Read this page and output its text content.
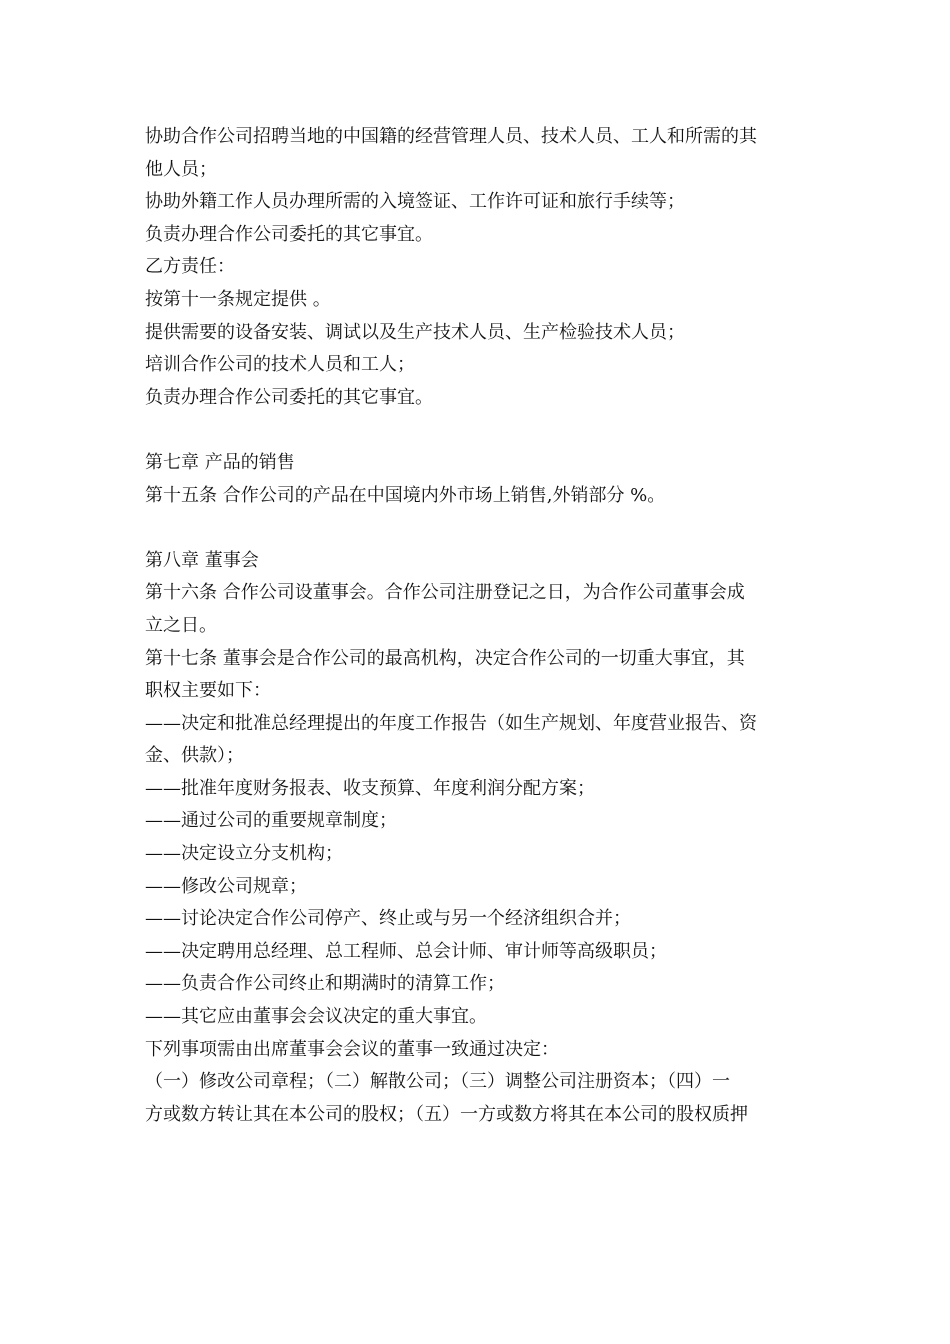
协助合作公司招聘当地的中国籍的经营管理人员、技术人员、工人和所需的其
他人员；
协助外籍工作人员办理所需的入境签证、工作许可证和旅行手续等；
负责办理合作公司委托的其它事宜。
乙方责任：
按第十一条规定提供 。
提供需要的设备安装、调试以及生产技术人员、生产检验技术人员；
培训合作公司的技术人员和工人；
负责办理合作公司委托的其它事宜。
第七章 产品的销售
第十五条 合作公司的产品在中国境内外市场上销售,外销部分 %。
第八章 董事会
第十六条 合作公司设董事会。合作公司注册登记之日，为合作公司董事会成
立之日。
第十七条 董事会是合作公司的最高机构，决定合作公司的一切重大事宜，其
职权主要如下：
——决定和批准总经理提出的年度工作报告（如生产规划、年度营业报告、资
金、供款）；
——批准年度财务报表、收支预算、年度利润分配方案；
——通过公司的重要规章制度；
——决定设立分支机构；
——修改公司规章；
——讨论决定合作公司停产、终止或与另一个经济组织合并；
——决定聘用总经理、总工程师、总会计师、审计师等高级职员；
——负责合作公司终止和期满时的清算工作；
——其它应由董事会会议决定的重大事宜。
下列事项需由出席董事会会议的董事一致通过决定：
（一）修改公司章程；（二）解散公司；（三）调整公司注册资本；（四）一
方或数方转让其在本公司的股权；（五）一方或数方将其在本公司的股权质押
